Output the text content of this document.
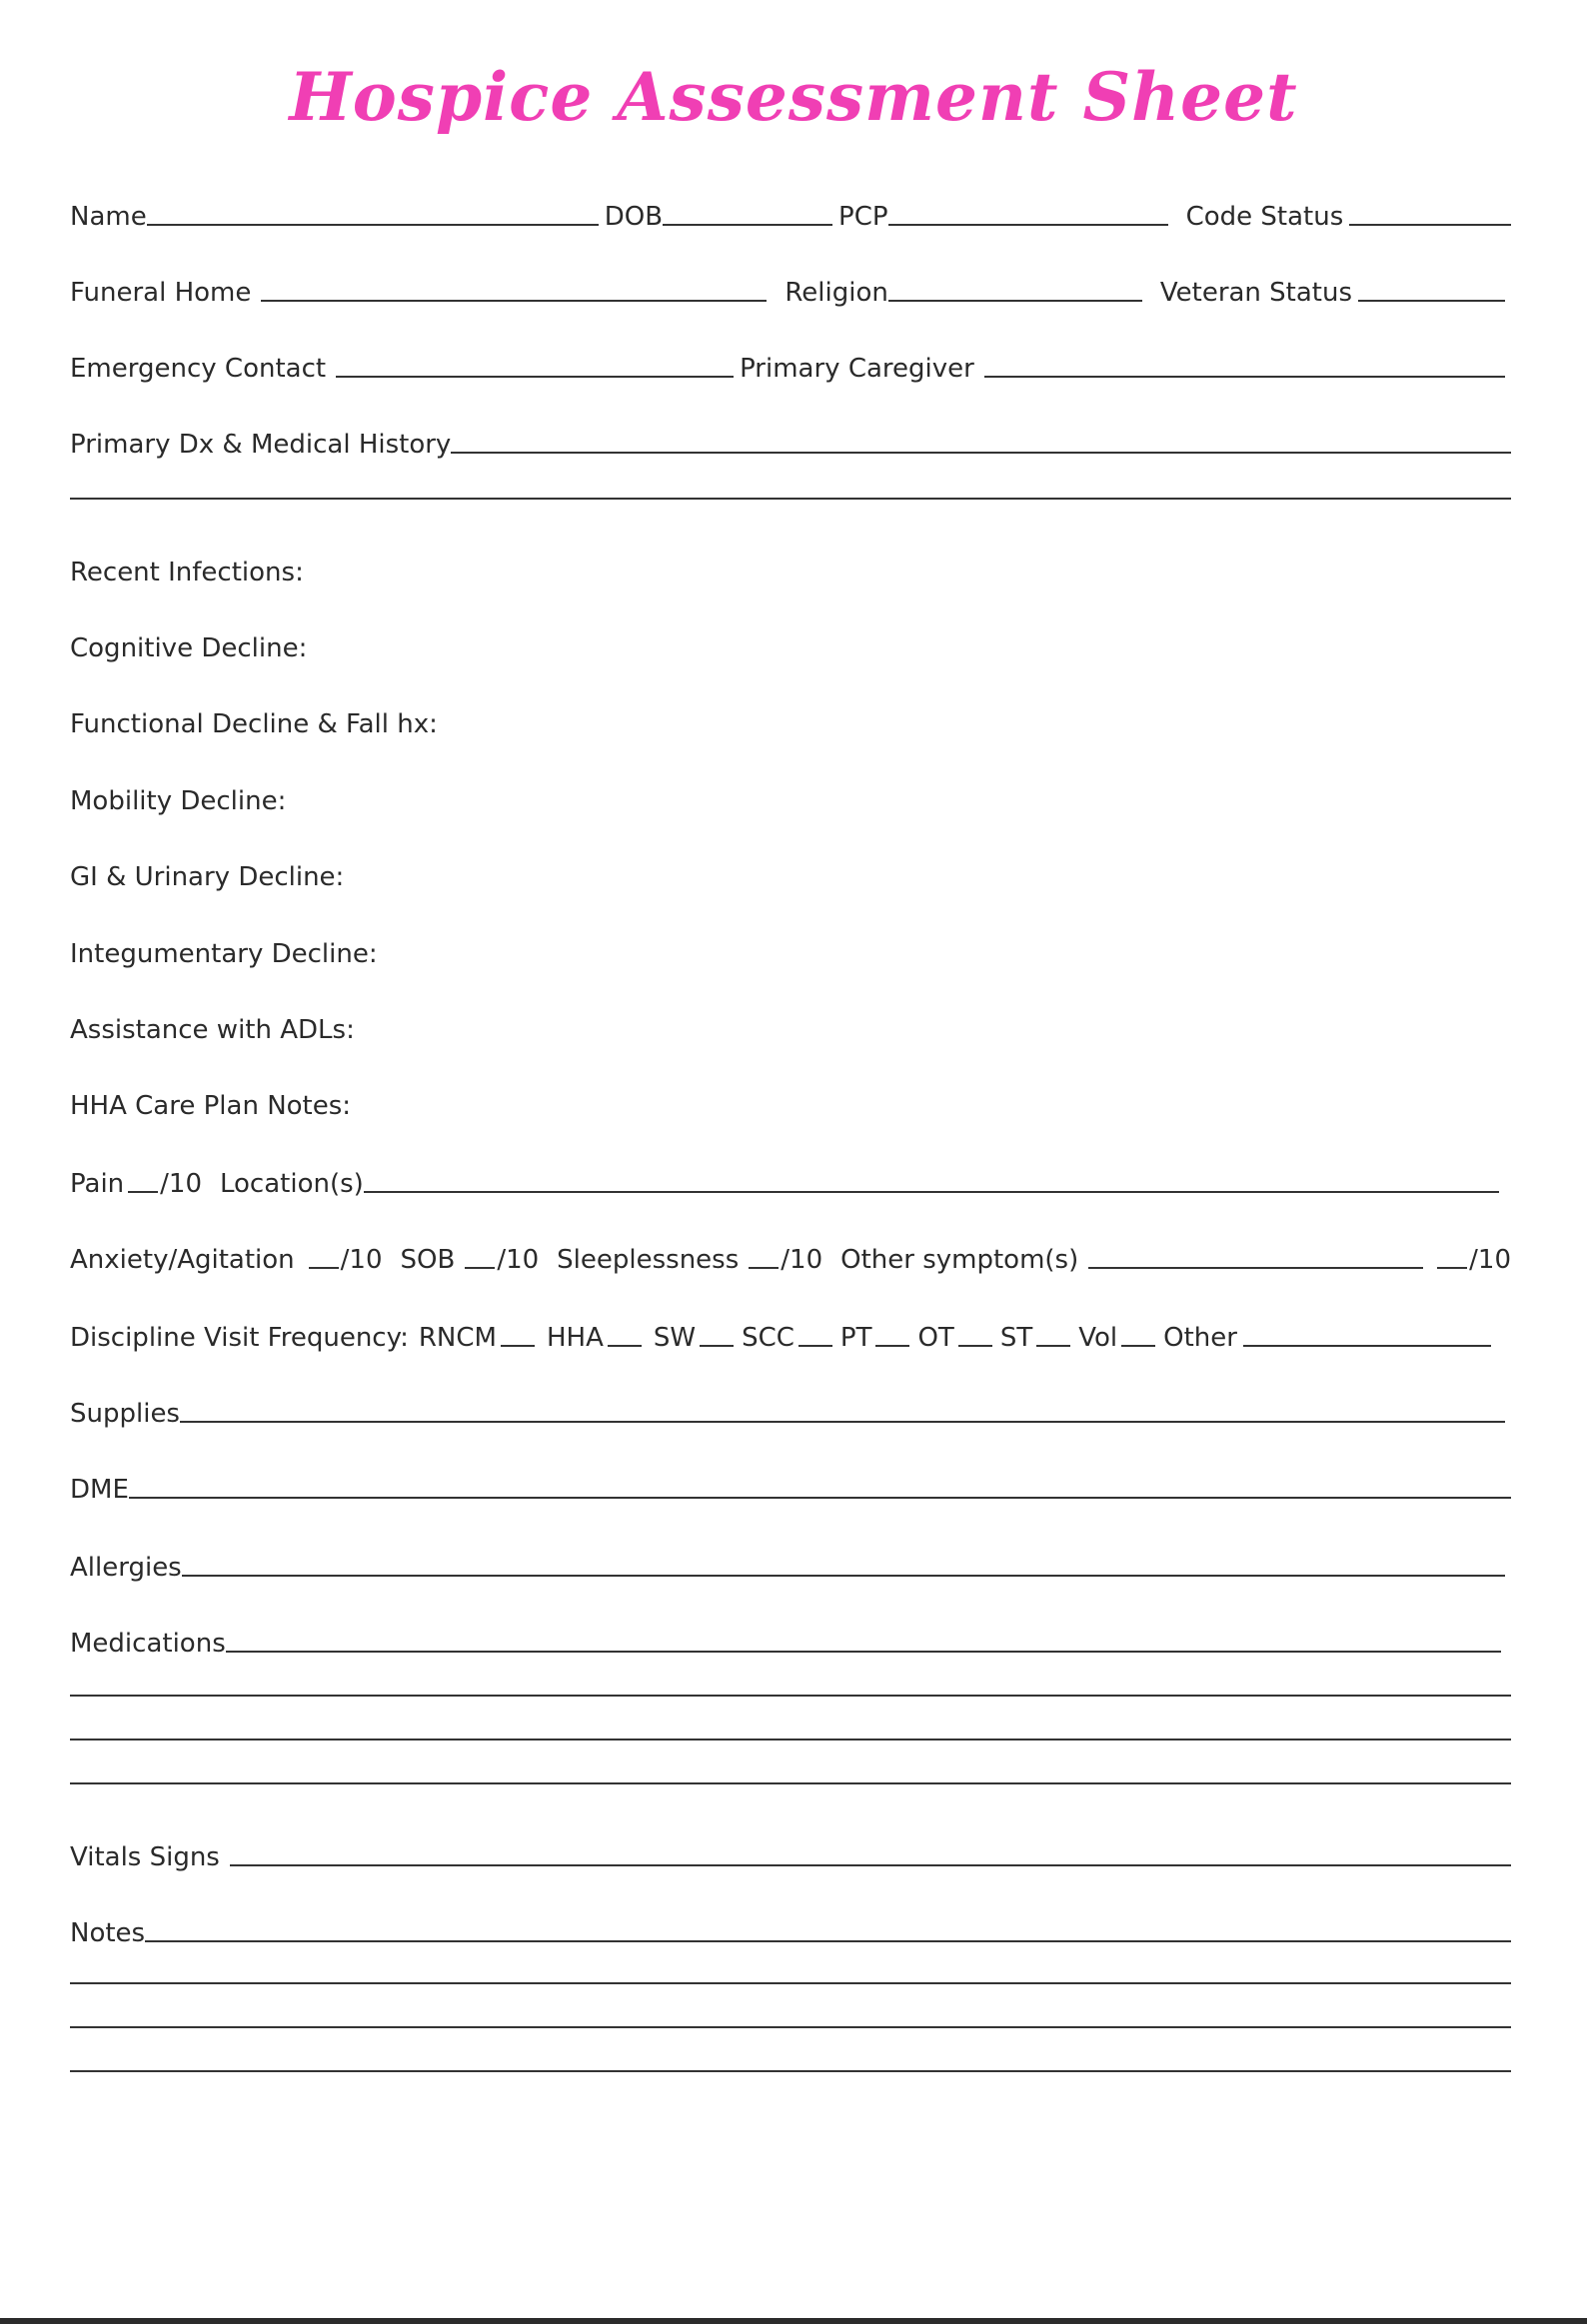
Hospice Assessment Sheet
Name	DOB	PCP	Code Status
Funeral Home	Religion	Veteran Status
Emergency Contact	Primary Caregiver
Primary Dx & Medical History
Recent Infections:
Cognitive Decline:
Functional Decline & Fall hx:
Mobility Decline:
GI & Urinary Decline:
Integumentary Decline:
Assistance with ADLs:
HHA Care Plan Notes:
Pain /10 Location(s)
Anxiety/Agitation /10 SOB /10 Sleeplessness /10 Other symptom(s)	/10
Discipline Visit Frequency: RNCM HHA SW SCC PT OT ST Vol Other
Supplies
DME
Allergies
Medications
Vitals Signs
Notes
